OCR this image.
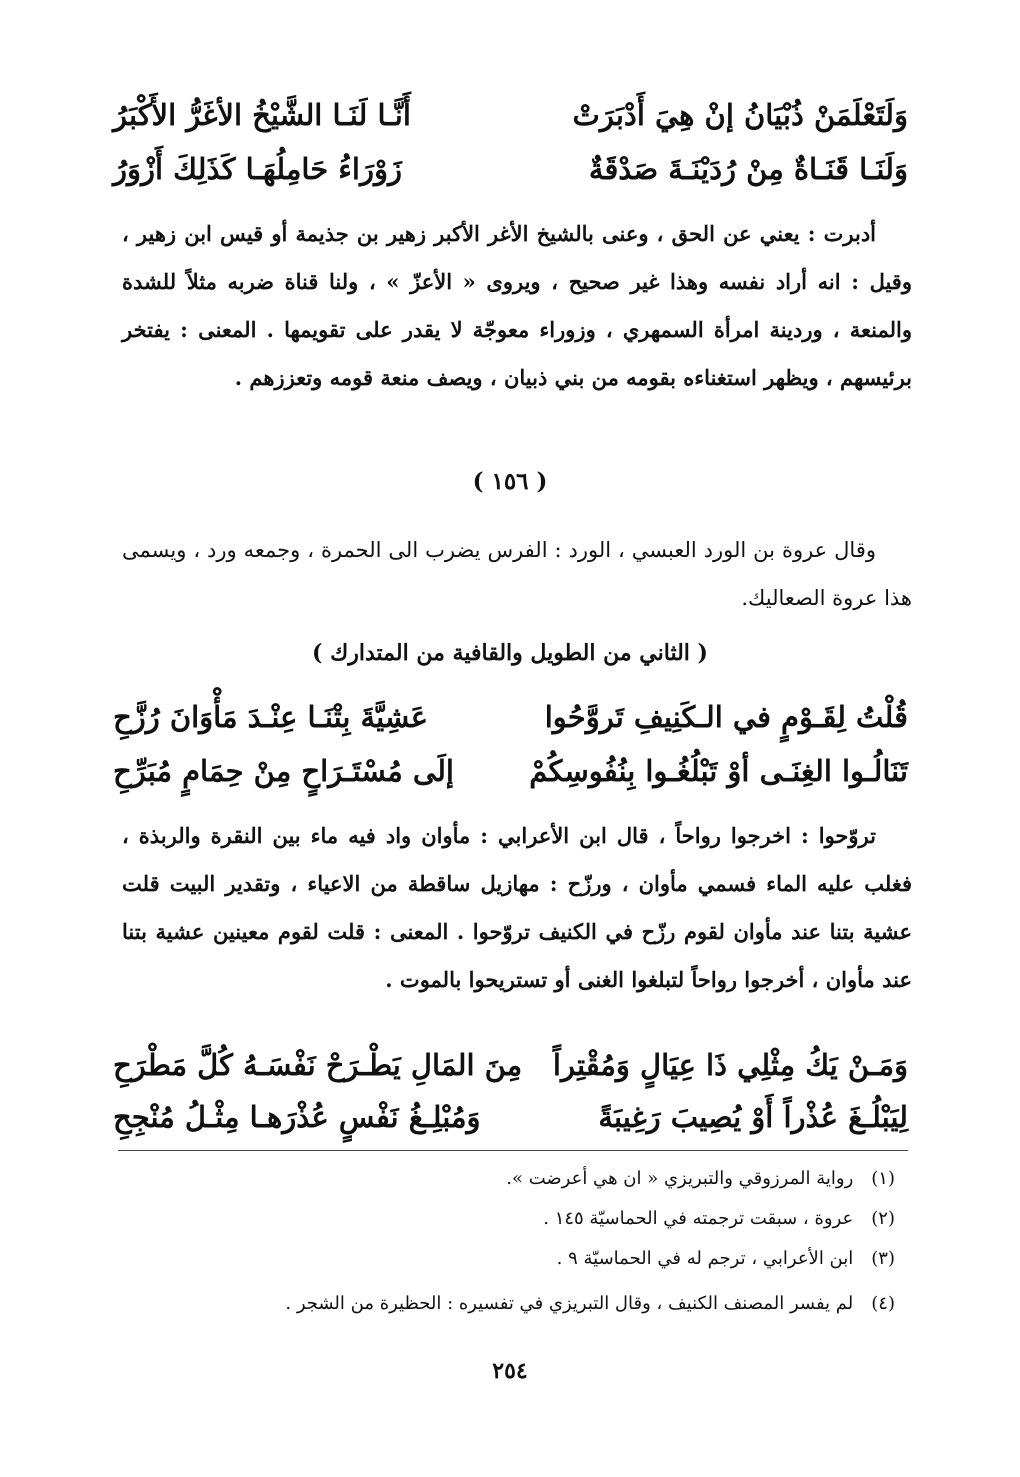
وَلَتَعْلَمَنْ ذُبْيَانُ إنْ هِيَ أَدْبَرَتْ
أَنَّـا لَنَـا الشَّيْخُ الأغَرُّ الأَكْبَرُ
وَلَنَـا قَنَـاةٌ مِنْ رُدَيْنَـةَ صَدْقَةٌ
زَوْرَاءُ حَامِلُهَـا كَذَلِكَ أَزْوَرُ

أدبرت : يعني عن الحق ، وعنى بالشيخ الأغر الأكبر زهير بن جذيمة أو قيس ابن زهير ، وقيل : انه أراد نفسه وهذا غير صحيح ، ويروى « الأعزّ » ، ولنا قناة ضربه مثلاً للشدة والمنعة ، وردينة امرأة السمهري ، وزوراء معوجّة لا يقدر على تقويمها . المعنى : يفتخر برئيسهم ، ويظهر استغناءه بقومه من بني ذبيان ، ويصف منعة قومه وتعززهم .

( ١٥٦ )

وقال عروة بن الورد العبسي ، الورد : الفرس يضرب الى الحمرة ، وجمعه ورد ، ويسمى هذا عروة الصعاليك.

( الثاني من الطويل والقافية من المتدارك )
قُلْتُ لِقَـوْمٍ في الـكَنِيفِ تَروَّحُوا
عَشِيَّةَ بِتْنَـا عِنْـدَ مَأْوَانَ رُزَّحِ
تَنَالُـوا الغِنَـى أوْ تَبْلُغُـوا بِنُفُوسِكُمْ
إلَى مُسْتَـرَاحٍ مِنْ حِمَامٍ مُبَرِّحِ

تروّحوا : اخرجوا رواحاً ، قال ابن الأعرابي : مأوان واد فيه ماء بين النقرة والربذة ، فغلب عليه الماء فسمي مأوان ، ورزّح : مهازيل ساقطة من الاعياء ، وتقدير البيت قلت عشية بتنا عند مأوان لقوم رزّح في الكنيف تروّحوا . المعنى : قلت لقوم معينين عشية بتنا عند مأوان ، أخرجوا رواحاً لتبلغوا الغنى أو تستريحوا بالموت .

وَمَـنْ يَكُ مِثْلِي ذَا عِيَالٍ وَمُقْتِراً
مِنَ المَالِ يَطْـرَحْ نَفْسَـهُ كُلَّ مَطْرَحِ
لِيَبْلُـغَ عُذْراً أَوْ يُصِيبَ رَغِيبَةً
وَمُبْلِـغُ نَفْسٍ عُذْرَهـا مِثْـلُ مُنْجِحِ
(١) رواية المرزوقي والتبريزي « ان هي أعرضت ».
(٢) عروة ، سبقت ترجمته في الحماسيّة ١٤٥ .
(٣) ابن الأعرابي ، ترجم له في الحماسيّة ٩ .
(٤) لم يفسر المصنف الكنيف ، وقال التبريزي في تفسيره : الحظيرة من الشجر .
٢٥٤
